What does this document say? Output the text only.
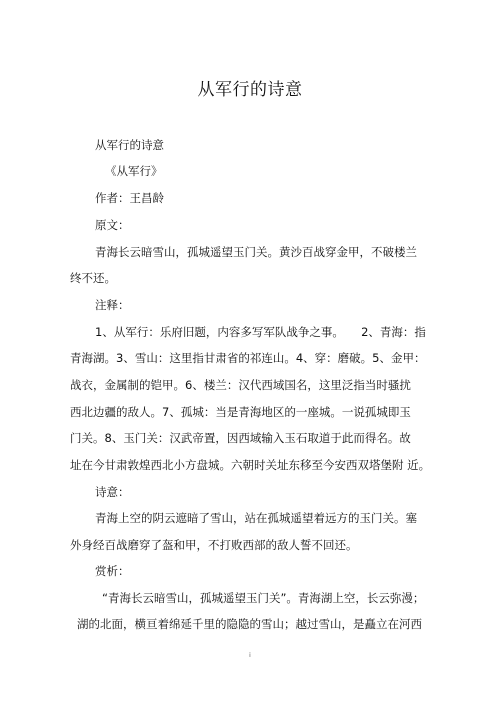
从军行的诗意
从军行的诗意
《从军行》
作者：王昌龄
原文：
青海长云暗雪山，孤城遥望玉门关。黄沙百战穿金甲，不破楼兰
终不还。
注释：
1、从军行：乐府旧题，内容多写军队战争之事。　　2、青海：指
青海湖。3、雪山：这里指甘肃省的祁连山。4、穿：磨破。5、金甲：
战衣，金属制的铠甲。6、楼兰：汉代西域国名，这里泛指当时骚扰
西北边疆的敌人。7、孤城：当是青海地区的一座城。一说孤城即玉
门关。8、玉门关：汉武帝置，因西域输入玉石取道于此而得名。故
址在今甘肃敦煌西北小方盘城。六朝时关址东移至今安西双塔堡附 近。
诗意：
青海上空的阴云遮暗了雪山，站在孤城遥望着远方的玉门关。塞
外身经百战磨穿了盔和甲，不打败西部的敌人誓不回还。
赏析：
“青海长云暗雪山，孤城遥望玉门关”。青海湖上空，长云弥漫；
湖的北面，横亘着绵延千里的隐隐的雪山；越过雪山，是矗立在河西
i
